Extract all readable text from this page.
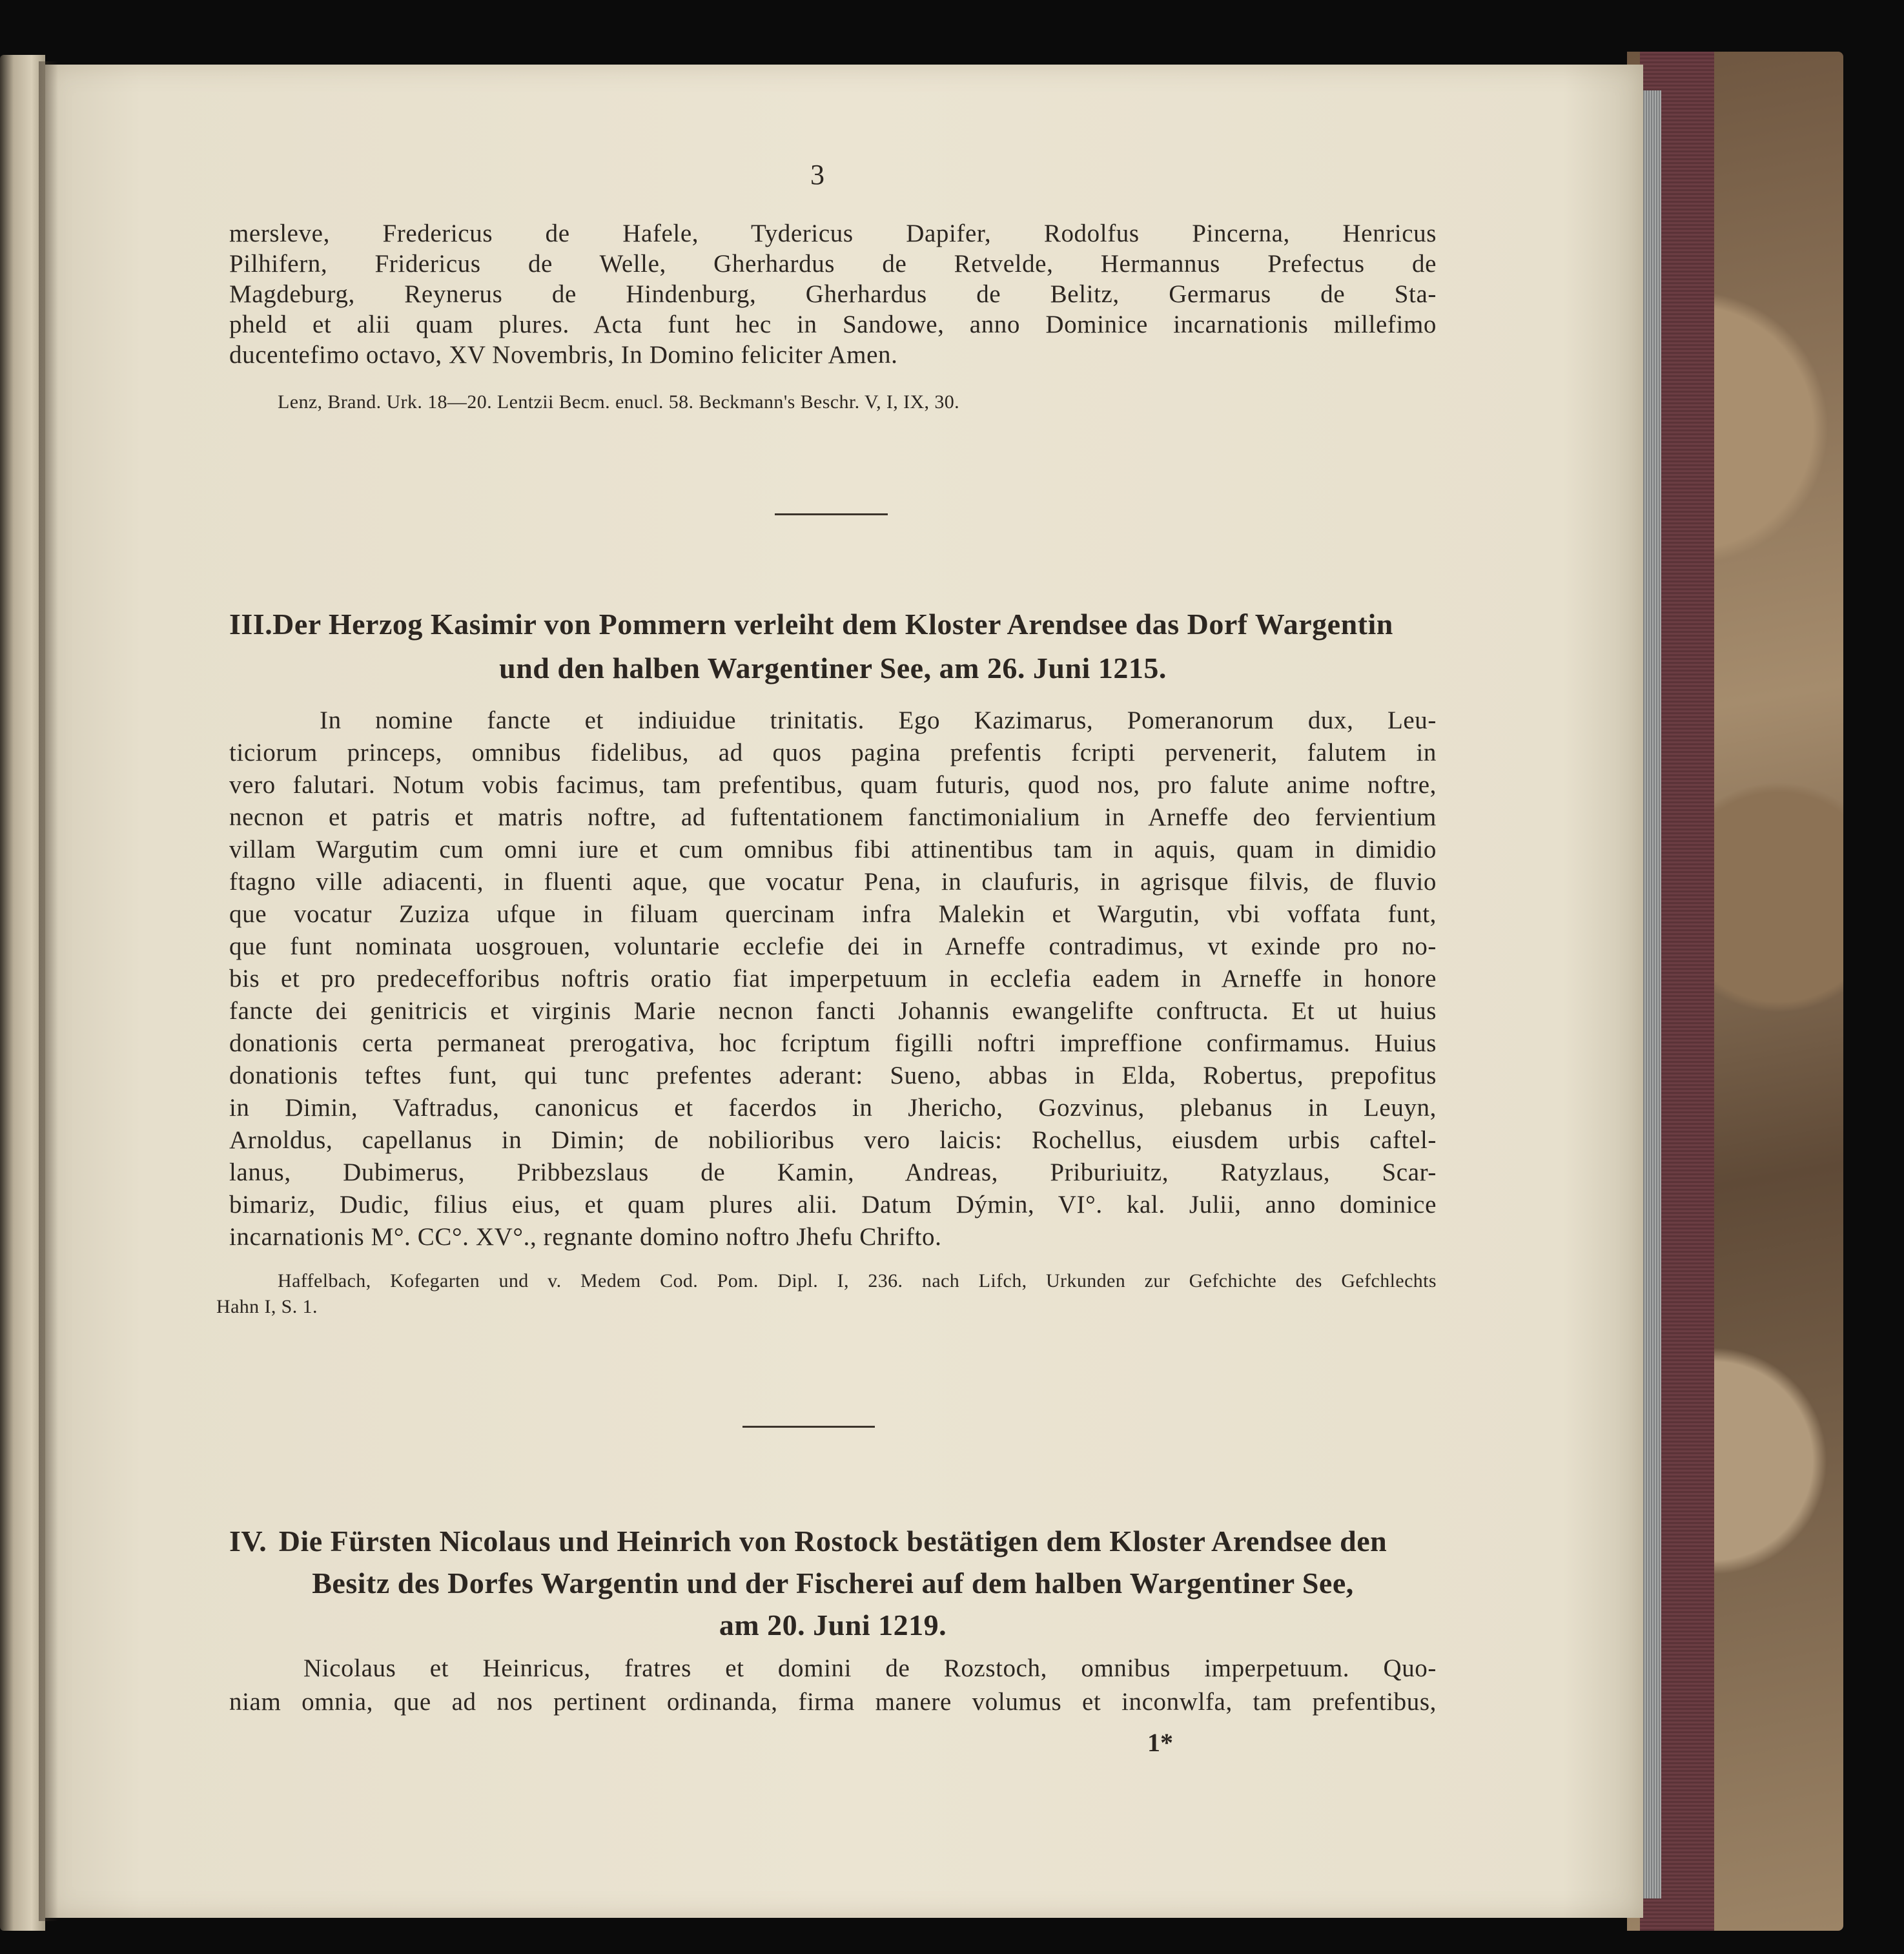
3
mersleve, Fredericus de Hafele, Tydericus Dapifer, Rodolfus Pincerna, Henricus
Pilhifern, Fridericus de Welle, Gherhardus de Retvelde, Hermannus Prefectus de
Magdeburg, Reynerus de Hindenburg, Gherhardus de Belitz, Germarus de Sta-
pheld et alii quam plures. Acta funt hec in Sandowe, anno Dominice incarnationis millefimo
ducentefimo octavo, XV Novembris, In Domino feliciter Amen.
Lenz, Brand. Urk. 18—20. Lentzii Becm. enucl. 58. Beckmann's Beschr. V, I, IX, 30.
III. Der Herzog Kasimir von Pommern verleiht dem Kloster Arendsee das Dorf Wargentin
und den halben Wargentiner See, am 26. Juni 1215.
In nomine fancte et indiuidue trinitatis. Ego Kazimarus, Pomeranorum dux, Leu-
ticiorum princeps, omnibus fidelibus, ad quos pagina prefentis fcripti pervenerit, falutem in
vero falutari. Notum vobis facimus, tam prefentibus, quam futuris, quod nos, pro falute anime noftre,
necnon et patris et matris noftre, ad fuftentationem fanctimonialium in Arneffe deo fervientium
villam Wargutim cum omni iure et cum omnibus fibi attinentibus tam in aquis, quam in dimidio
ftagno ville adiacenti, in fluenti aque, que vocatur Pena, in claufuris, in agrisque filvis, de fluvio
que vocatur Zuziza ufque in filuam quercinam infra Malekin et Wargutin, vbi voffata funt,
que funt nominata uosgrouen, voluntarie ecclefie dei in Arneffe contradimus, vt exinde pro no-
bis et pro predecefforibus noftris oratio fiat imperpetuum in ecclefia eadem in Arneffe in honore
fancte dei genitricis et virginis Marie necnon fancti Johannis ewangelifte conftructa. Et ut huius
donationis certa permaneat prerogativa, hoc fcriptum figilli noftri impreffione confirmamus. Huius
donationis teftes funt, qui tunc prefentes aderant: Sueno, abbas in Elda, Robertus, prepofitus
in Dimin, Vaftradus, canonicus et facerdos in Jhericho, Gozvinus, plebanus in Leuyn,
Arnoldus, capellanus in Dimin; de nobilioribus vero laicis: Rochellus, eiusdem urbis caftel-
lanus, Dubimerus, Pribbezslaus de Kamin, Andreas, Priburiuitz, Ratyzlaus, Scar-
bimariz, Dudic, filius eius, et quam plures alii. Datum Dýmin, VI°. kal. Julii, anno dominice
incarnationis M°. CC°. XV°., regnante domino noftro Jhefu Chrifto.
Haffelbach, Kofegarten und v. Medem Cod. Pom. Dipl. I, 236. nach Lifch, Urkunden zur Gefchichte des Gefchlechts
Hahn I, S. 1.
IV. Die Fürsten Nicolaus und Heinrich von Rostock bestätigen dem Kloster Arendsee den
Besitz des Dorfes Wargentin und der Fischerei auf dem halben Wargentiner See,
am 20. Juni 1219.
Nicolaus et Heinricus, fratres et domini de Rozstoch, omnibus imperpetuum. Quo-
niam omnia, que ad nos pertinent ordinanda, firma manere volumus et inconwlfa, tam prefentibus,
1*
